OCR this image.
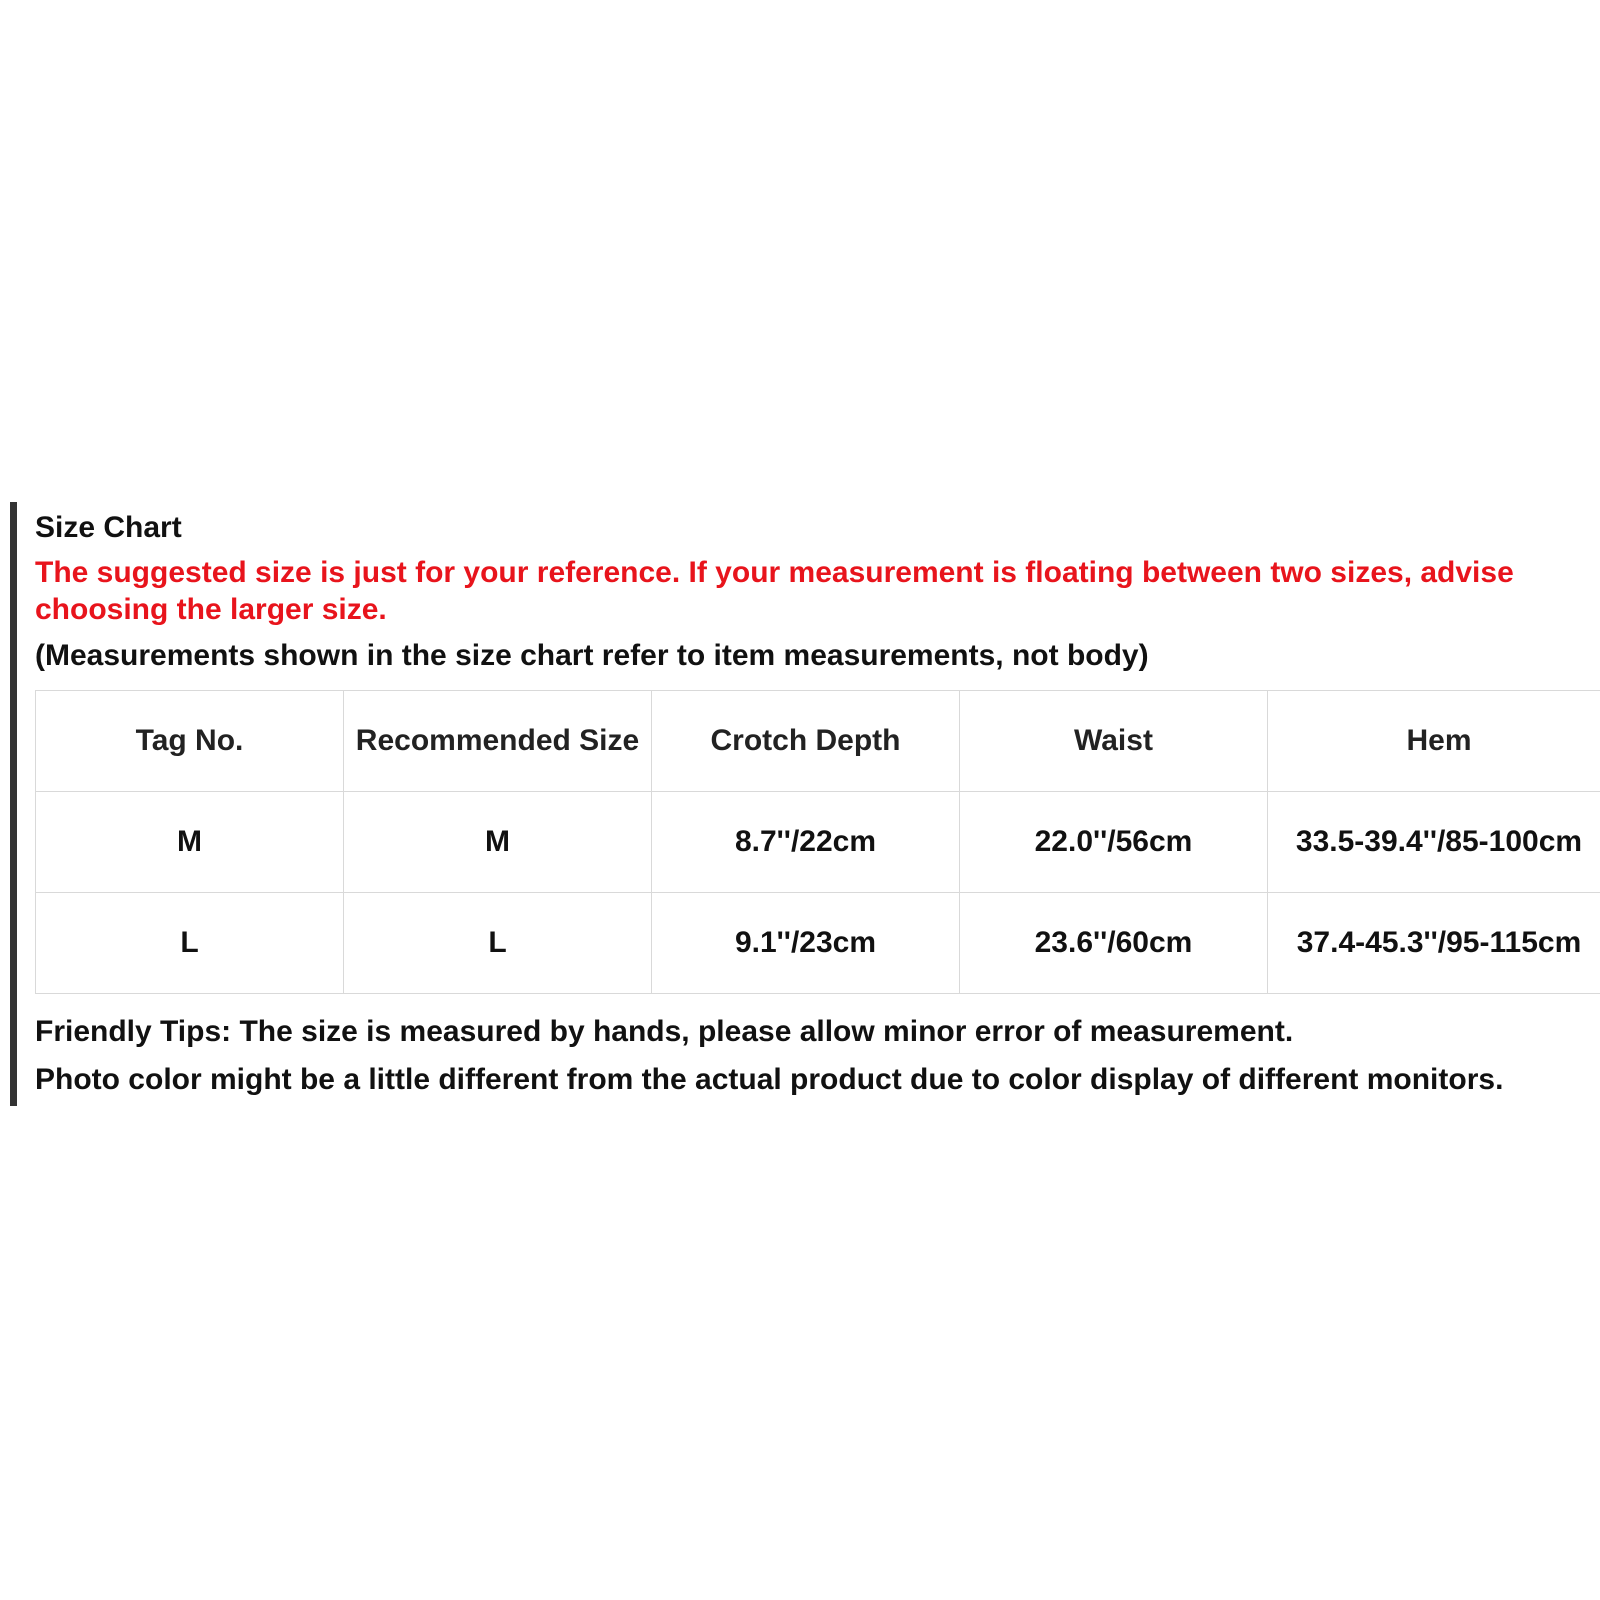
Size Chart
The suggested size is just for your reference. If your measurement is floating between two sizes, advise choosing the larger size.
(Measurements shown in the size chart refer to item measurements, not body)
Tag No.	Recommended Size	Crotch Depth	Waist	Hem
M	M	8.7''/22cm	22.0''/56cm	33.5-39.4''/85-100cm
L	L	9.1''/23cm	23.6''/60cm	37.4-45.3''/95-115cm
Friendly Tips: The size is measured by hands, please allow minor error of measurement.
Photo color might be a little different from the actual product due to color display of different monitors.
